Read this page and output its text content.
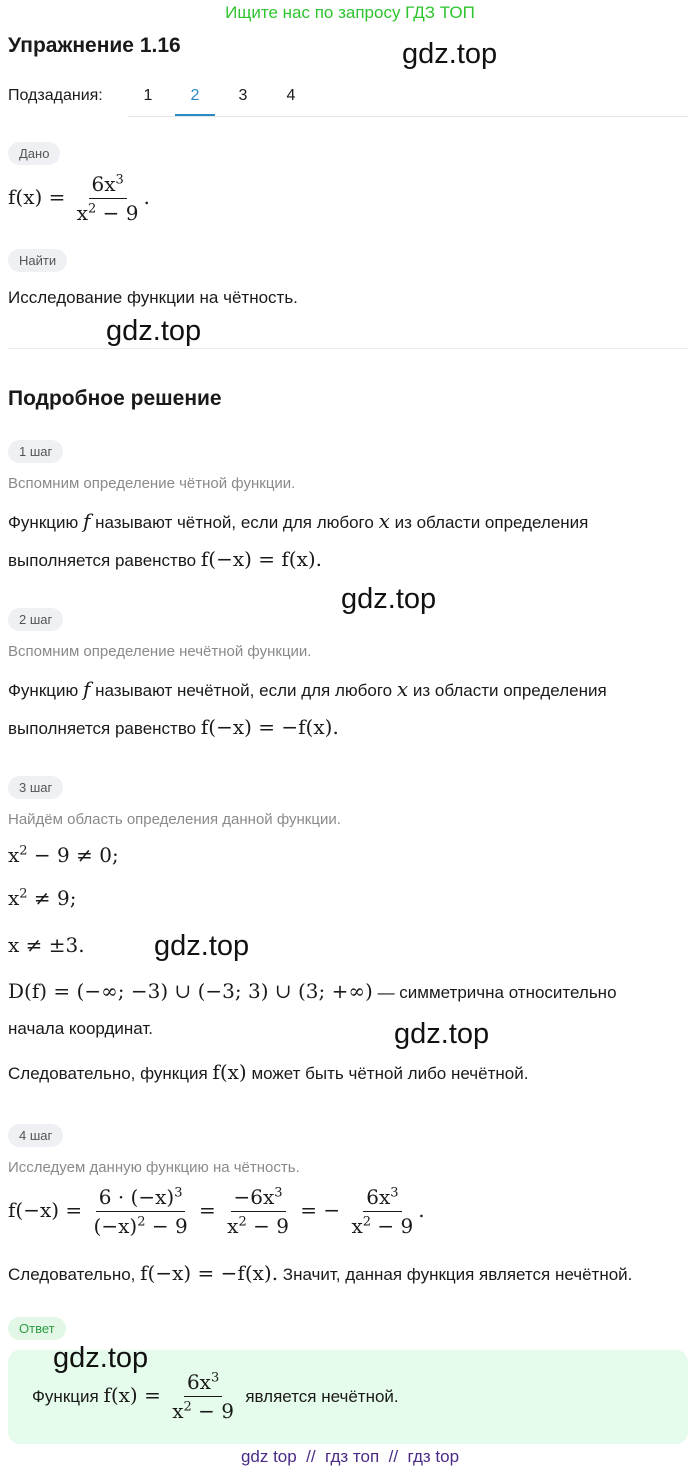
Ищите нас по запросу ГДЗ ТОП
Упражнение 1.16	gdz.top
Подзадания:	1	2	3	4
Дано
$f(x) = \frac{6x^3}{x^2 - 9}$ .
Найти
Исследование функции на чётность.
gdz.top
Подробное решение
1 шаг
Вспомним определение чётной функции.
Функцию f называют чётной, если для любого x из области определения
выполняется равенство f(−x) = f(x).
gdz.top
2 шаг
Вспомним определение нечётной функции.
Функцию f называют нечётной, если для любого x из области определения
выполняется равенство f(−x) = −f(x).
3 шаг
Найдём область определения данной функции.
$x^2 - 9 \ne 0$;
$x^2 \ne 9$;
x ≠ ±3. gdz.top
D(f) = (−∞; −3) ∪ (−3; 3) ∪ (3; +∞) — симметрична относительно
начала координат.	gdz.top
Следовательно, функция f(x) может быть чётной либо нечётной.
4 шаг
Исследуем данную функцию на чётность.
$f(-x) = \frac{6 \cdot (-x)^3}{(-x)^2 - 9} = \frac{-6x^3}{x^2 - 9}$ = − $\frac{6x^3}{x^2 - 9}$ .
Следовательно, f(−x) = −f(x). Значит, данная функция является нечётной.
Ответ
gdz.top
Функция $f(x) = \frac{6x^3}{x^2 - 9}$ является нечётной.
gdz top  //  гдз топ  //  гдз top
